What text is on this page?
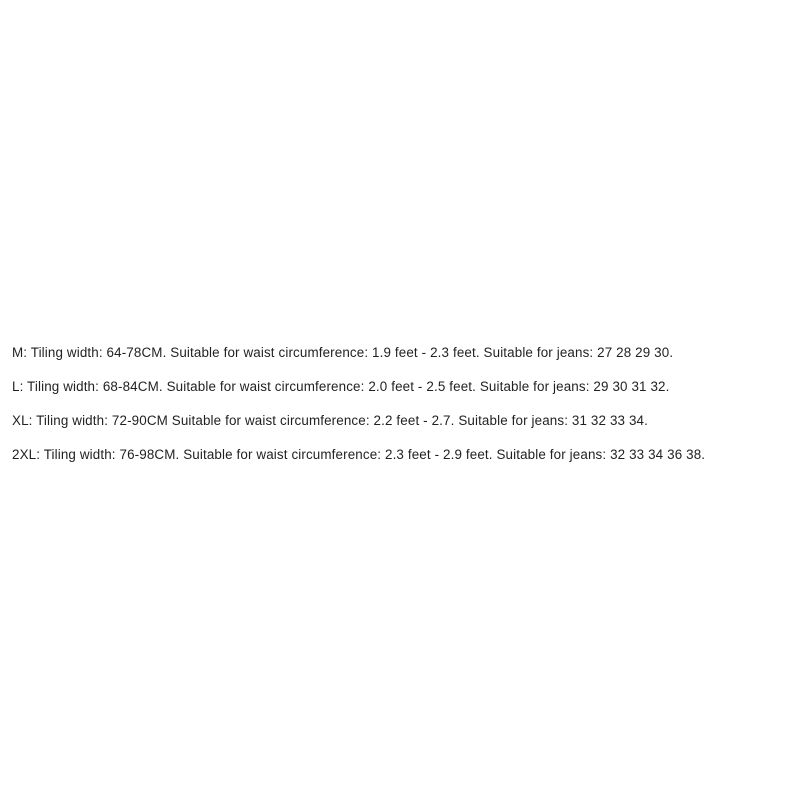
M: Tiling width: 64-78CM. Suitable for waist circumference: 1.9 feet - 2.3 feet. Suitable for jeans: 27 28 29 30.
L: Tiling width: 68-84CM. Suitable for waist circumference: 2.0 feet - 2.5 feet. Suitable for jeans: 29 30 31 32.
XL: Tiling width: 72-90CM Suitable for waist circumference: 2.2 feet - 2.7. Suitable for jeans: 31 32 33 34.
2XL: Tiling width: 76-98CM. Suitable for waist circumference: 2.3 feet - 2.9 feet. Suitable for jeans: 32 33 34 36 38.
